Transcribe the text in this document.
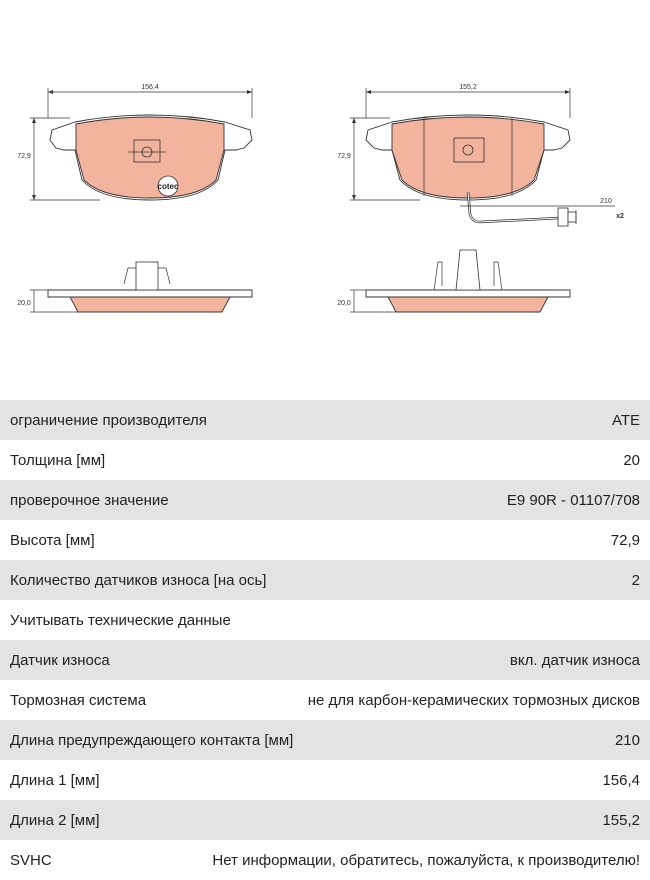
156,4
72,9
cotec
20,0
155,2
72,9
210
x2
20,0
ограничение производителя	ATE
Толщина [мм]	20
проверочное значение	E9 90R - 01107/708
Высота [мм]	72,9
Количество датчиков износа [на ось]	2
Учитывать технические данные
Датчик износа	вкл. датчик износа
Тормозная система	не для карбон-керамических тормозных дисков
Длина предупреждающего контакта [мм]	210
Длина 1 [мм]	156,4
Длина 2 [мм]	155,2
SVHC	Нет информации, обратитесь, пожалуйста, к производителю!
